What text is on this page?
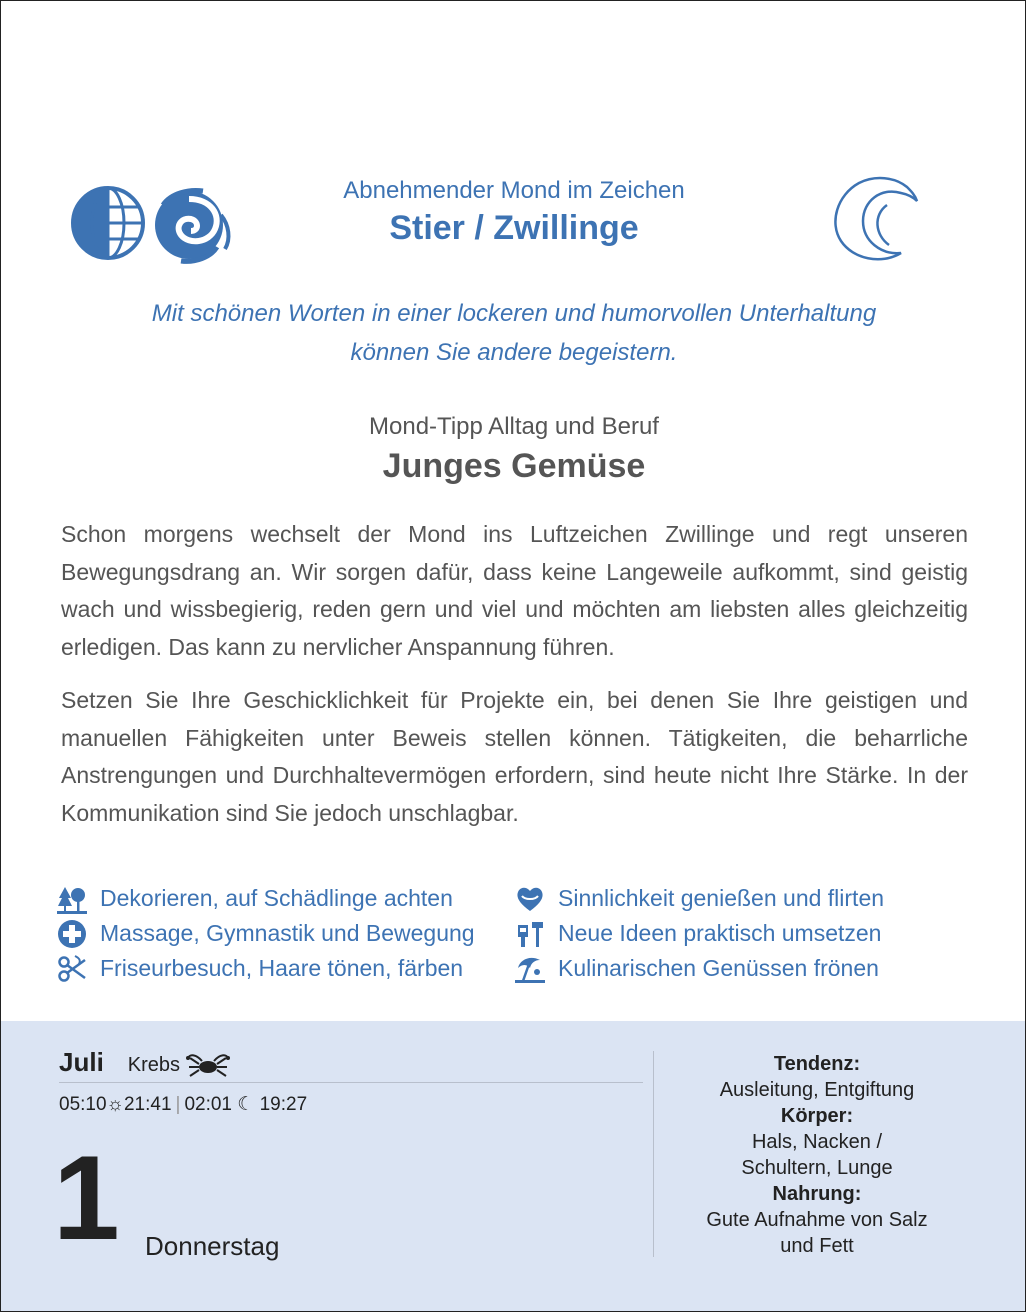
Abnehmender Mond im Zeichen
Stier / Zwillinge
Mit schönen Worten in einer lockeren und humorvollen Unterhaltung
können Sie andere begeistern.
Mond-Tipp Alltag und Beruf
Junges Gemüse

Schon morgens wechselt der Mond ins Luftzeichen Zwillinge und regt unseren Bewegungsdrang an. Wir sorgen dafür, dass keine Langeweile aufkommt, sind geistig wach und wissbegierig, reden gern und viel und möchten am liebsten alles gleichzeitig erledigen. Das kann zu nervlicher Anspannung führen.

Setzen Sie Ihre Geschicklichkeit für Projekte ein, bei denen Sie Ihre geistigen und manuellen Fähigkeiten unter Beweis stellen können. Tätigkeiten, die beharrliche Anstrengungen und Durchhaltevermögen erfordern, sind heute nicht Ihre Stärke. In der Kommunikation sind Sie jedoch unschlagbar.

Dekorieren, auf Schädlinge achten	Sinnlichkeit genießen und flirten
Massage, Gymnastik und Bewegung	Neue Ideen praktisch umsetzen
Friseurbesuch, Haare tönen, färben	Kulinarischen Genüssen frönen
Juli Krebs
05:10☼21:41 | 02:01 ☾ 19:27
1 Donnerstag
Tendenz:
Ausleitung, Entgiftung
Körper:
Hals, Nacken /
Schultern, Lunge
Nahrung:
Gute Aufnahme von Salz
und Fett
